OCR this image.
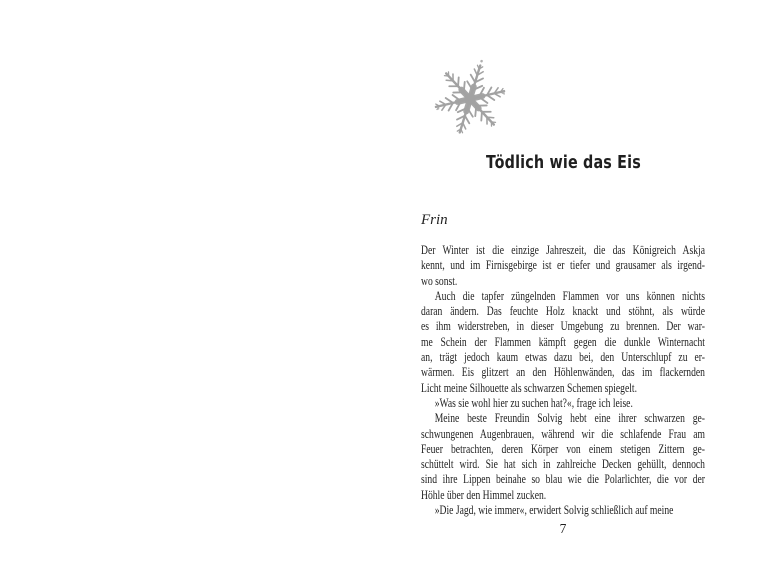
Tödlich wie das Eis
Frin
Der Winter ist die einzige Jahreszeit, die das Königreich Askja
kennt, und im Firnisgebirge ist er tiefer und grausamer als irgend-
wo sonst.
Auch die tapfer züngelnden Flammen vor uns können nichts
daran ändern. Das feuchte Holz knackt und stöhnt, als würde
es ihm widerstreben, in dieser Umgebung zu brennen. Der war-
me Schein der Flammen kämpft gegen die dunkle Winternacht
an, trägt jedoch kaum etwas dazu bei, den Unterschlupf zu er-
wärmen. Eis glitzert an den Höhlenwänden, das im flackernden
Licht meine Silhouette als schwarzen Schemen spiegelt.
»Was sie wohl hier zu suchen hat?«, frage ich leise.
Meine beste Freundin Solvig hebt eine ihrer schwarzen ge-
schwungenen Augenbrauen, während wir die schlafende Frau am
Feuer betrachten, deren Körper von einem stetigen Zittern ge-
schüttelt wird. Sie hat sich in zahlreiche Decken gehüllt, dennoch
sind ihre Lippen beinahe so blau wie die Polarlichter, die vor der
Höhle über den Himmel zucken.
»Die Jagd, wie immer«, erwidert Solvig schließlich auf meine
7
